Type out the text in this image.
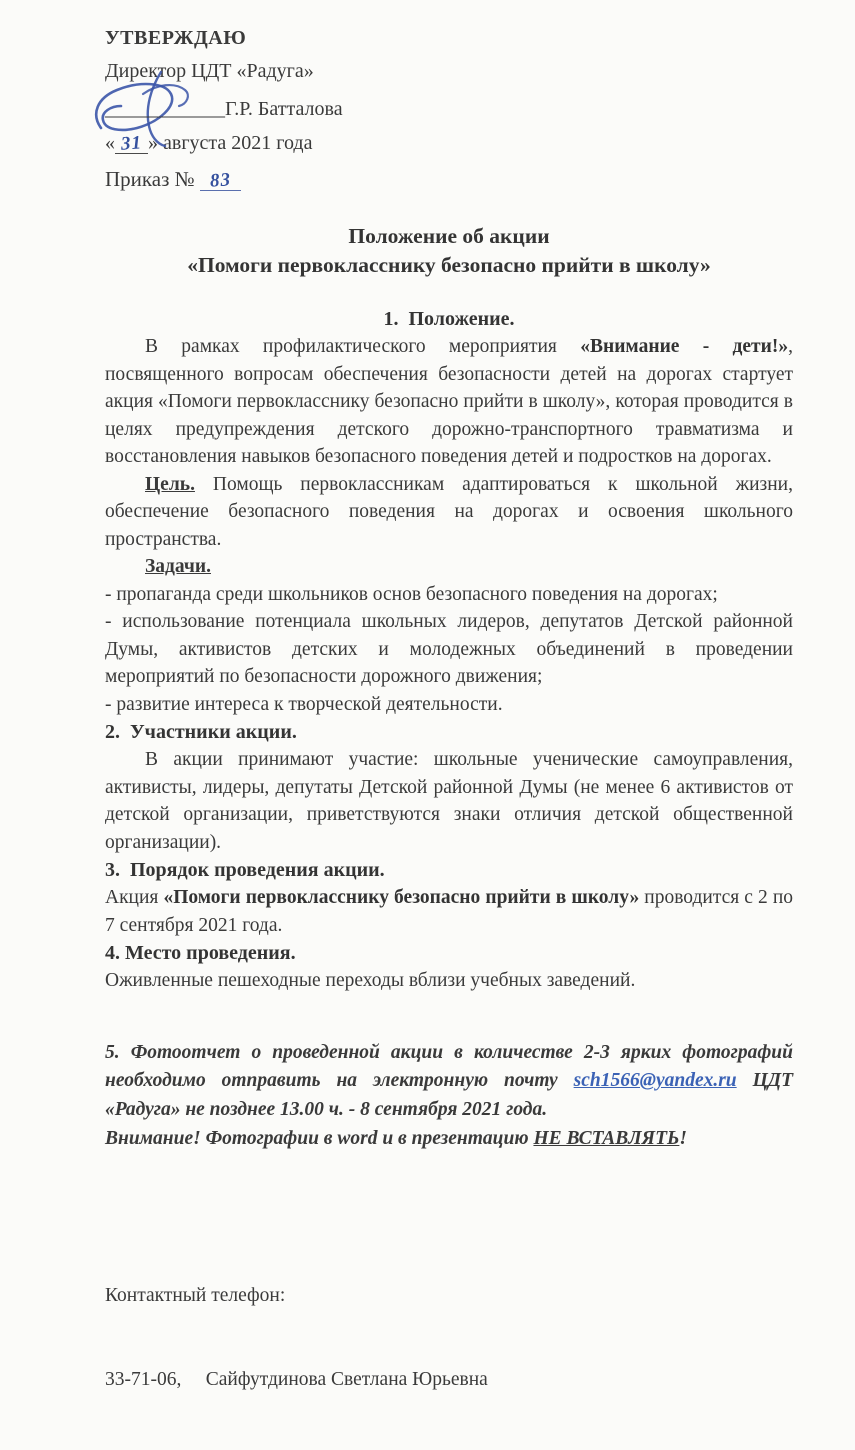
УТВЕРЖДАЮ
Директор ЦДТ «Радуга»
____________Г.Р. Батталова
« 31 » августа 2021 года
Приказ № 83
Положение об акции
«Помоги первокласснику безопасно прийти в школу»
1.  Положение.

В рамках профилактического мероприятия «Внимание - дети!», посвященного вопросам обеспечения безопасности детей на дорогах стартует акция «Помоги первокласснику безопасно прийти в школу», которая проводится в целях предупреждения детского дорожно-транспортного травматизма и восстановления навыков безопасного поведения детей и подростков на дорогах.

Цель. Помощь первоклассникам адаптироваться к школьной жизни, обеспечение безопасного поведения на дорогах и освоения школьного пространства.

Задачи.

- пропаганда среди школьников основ безопасного поведения на дорогах;

- использование потенциала школьных лидеров, депутатов Детской районной Думы, активистов детских и молодежных объединений в проведении мероприятий по безопасности дорожного движения;

- развитие интереса к творческой деятельности.

2.  Участники акции.

В акции принимают участие: школьные ученические самоуправления, активисты, лидеры, депутаты Детской районной Думы (не менее 6 активистов от детской организации, приветствуются знаки отличия детской общественной организации).

3.  Порядок проведения акции.

Акция «Помоги первокласснику безопасно прийти в школу» проводится с 2 по 7 сентября 2021 года.

4. Место проведения.

Оживленные пешеходные переходы вблизи учебных заведений.

5. Фотоотчет о проведенной акции в количестве 2-3 ярких фотографий необходимо отправить на электронную почту sch1566@yandex.ru ЦДТ «Радуга» не позднее 13.00 ч. - 8 сентября 2021 года.
Внимание! Фотографии в word и в презентацию НЕ ВСТАВЛЯТЬ!

Контактный телефон:

33-71-06,     Сайфутдинова Светлана Юрьевна
